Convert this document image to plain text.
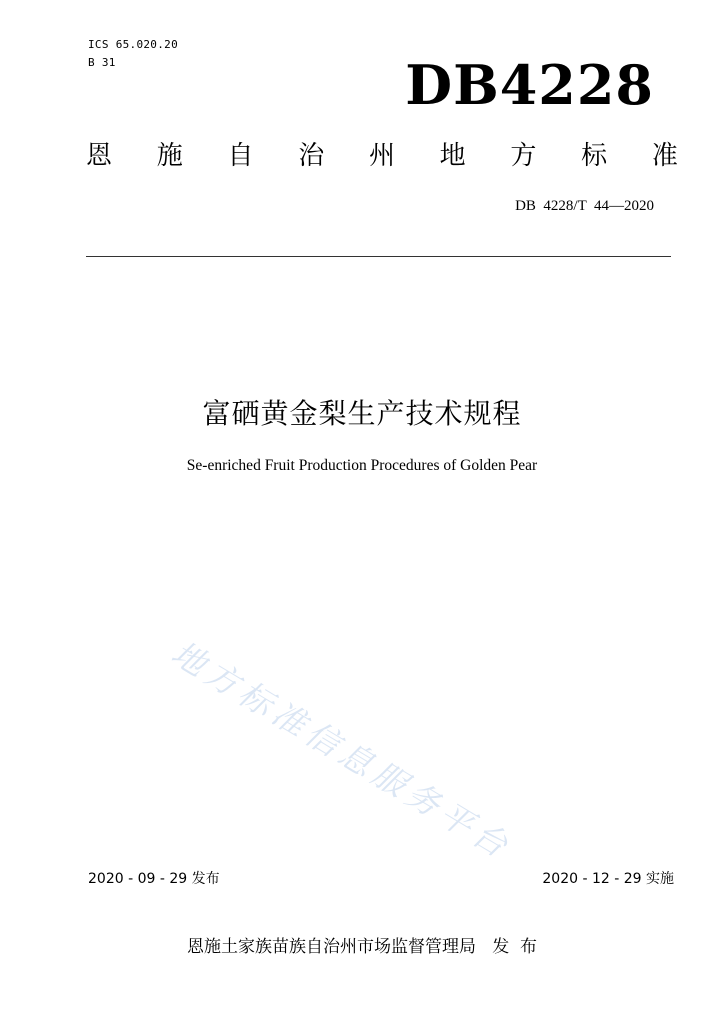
ICS 65.020.20
B 31	DB4228
恩 施 自 治 州 地 方 标 准
DB  4228/T  44—2020
富硒黄金梨生产技术规程
Se-enriched Fruit Production Procedures of Golden Pear
地方标准信息服务平台
2020 - 09 - 29 发布	2020 - 12 - 29 实施
恩施土家族苗族自治州市场监督管理局   发  布
